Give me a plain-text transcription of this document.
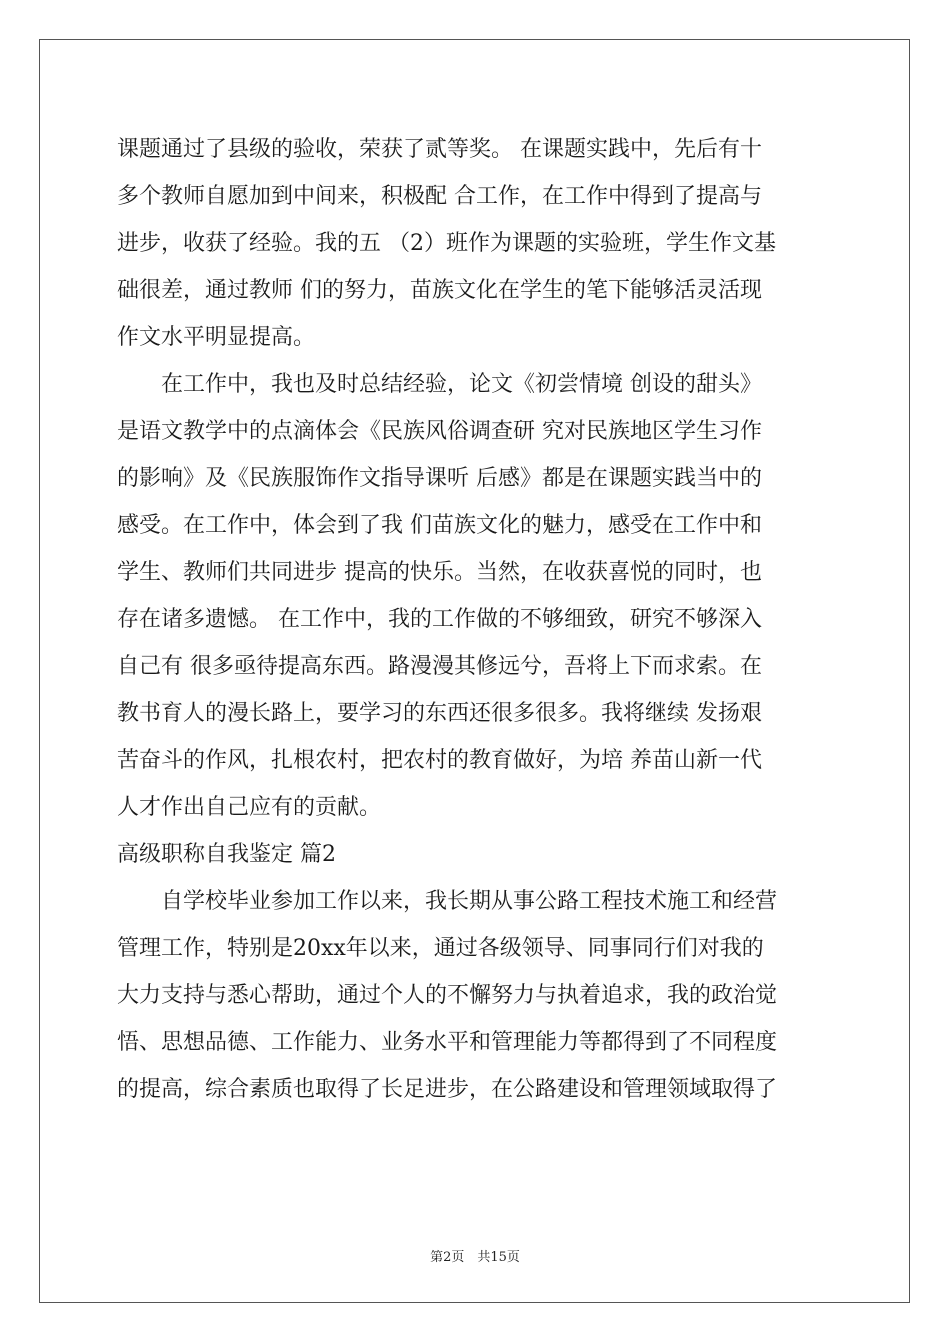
课题通过了县级的验收，荣获了贰等奖。 在课题实践中，先后有十
多个教师自愿加到中间来，积极配 合工作，在工作中得到了提高与
进步，收获了经验。我的五 （2）班作为课题的实验班，学生作文基
础很差，通过教师 们的努力，苗族文化在学生的笔下能够活灵活现
作文水平明显提高。
　　在工作中，我也及时总结经验，论文《初尝情境 创设的甜头》
是语文教学中的点滴体会《民族风俗调查研 究对民族地区学生习作
的影响》及《民族服饰作文指导课听 后感》都是在课题实践当中的
感受。在工作中，体会到了我 们苗族文化的魅力，感受在工作中和
学生、教师们共同进步 提高的快乐。当然，在收获喜悦的同时，也
存在诸多遗憾。 在工作中，我的工作做的不够细致，研究不够深入
自己有 很多亟待提高东西。路漫漫其修远兮，吾将上下而求索。在
教书育人的漫长路上，要学习的东西还很多很多。我将继续 发扬艰
苦奋斗的作风，扎根农村，把农村的教育做好，为培 养苗山新一代
人才作出自己应有的贡献。
高级职称自我鉴定 篇2
　　自学校毕业参加工作以来，我长期从事公路工程技术施工和经营
管理工作，特别是20xx年以来，通过各级领导、同事同行们对我的
大力支持与悉心帮助，通过个人的不懈努力与执着追求，我的政治觉
悟、思想品德、工作能力、业务水平和管理能力等都得到了不同程度
的提高，综合素质也取得了长足进步，在公路建设和管理领域取得了
第2页　共15页
